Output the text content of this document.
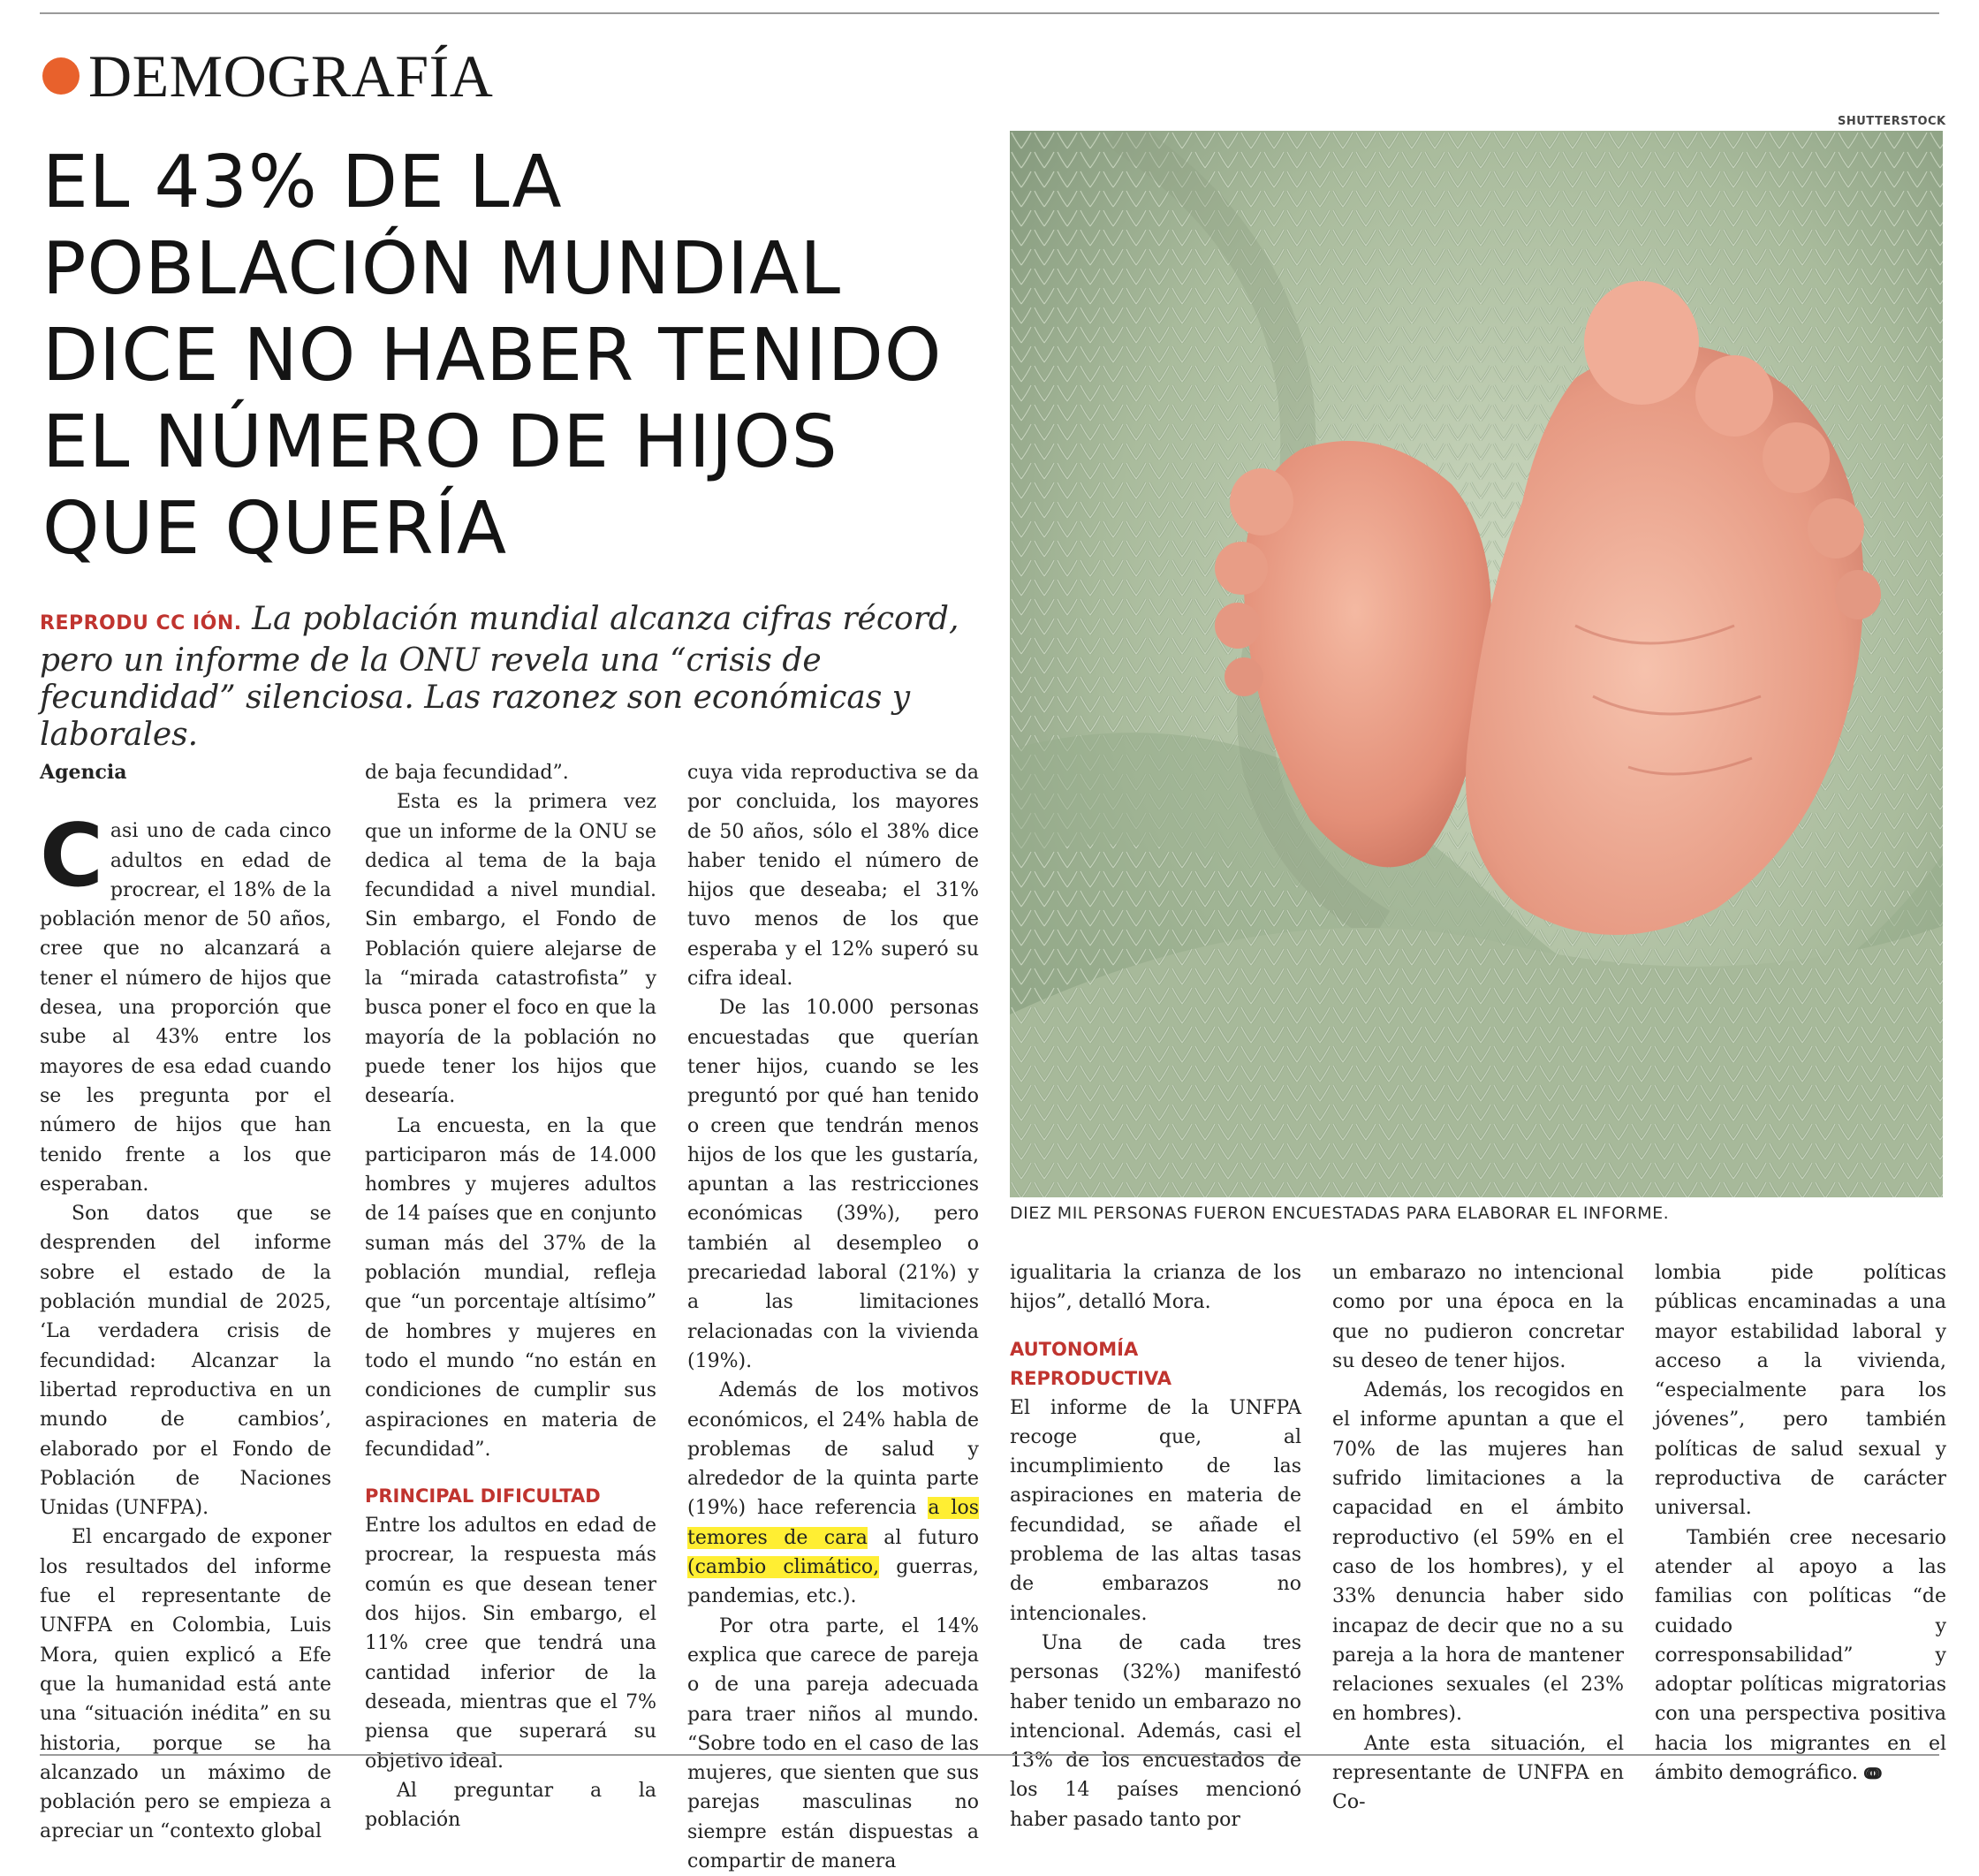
DEMOGRAFÍA
EL 43% DE LA
POBLACIÓN MUNDIAL
DICE NO HABER TENIDO
EL NÚMERO DE HIJOS
QUE QUERÍA

REPRODU CC IÓN. La población mundial alcanza cifras récord, pero un informe de la ONU revela una “crisis de fecundidad” silenciosa. Las razonez son económicas y laborales.

SHUTTERSTOCK
DIEZ MIL PERSONAS FUERON ENCUESTADAS PARA ELABORAR EL INFORME.

Agencia

Casi uno de cada cinco adultos en edad de procrear, el 18% de la población menor de 50 años, cree que no alcanzará a tener el número de hijos que desea, una proporción que sube al 43% entre los mayores de esa edad cuando se les pregunta por el número de hijos que han tenido frente a los que esperaban.

Son datos que se desprenden del informe sobre el estado de la población mundial de 2025, ‘La verdadera crisis de fecundidad: Alcanzar la libertad reproductiva en un mundo de cambios’, elaborado por el Fondo de Población de Naciones Unidas (UNFPA).

El encargado de exponer los resultados del informe fue el representante de UNFPA en Colombia, Luis Mora, quien explicó a Efe que la humanidad está ante una “situación inédita” en su historia, porque se ha alcanzado un máximo de población pero se empieza a apreciar un “contexto global

de baja fecundidad”.

Esta es la primera vez que un informe de la ONU se dedica al tema de la baja fecundidad a nivel mundial. Sin embargo, el Fondo de Población quiere alejarse de la “mirada catastrofista” y busca poner el foco en que la mayoría de la población no puede tener los hijos que desearía.

La encuesta, en la que participaron más de 14.000 hombres y mujeres adultos de 14 países que en conjunto suman más del 37% de la población mundial, refleja que “un porcentaje altísimo” de hombres y mujeres en todo el mundo “no están en condiciones de cumplir sus aspiraciones en materia de fecundidad”.

PRINCIPAL DIFICULTAD

Entre los adultos en edad de procrear, la respuesta más común es que desean tener dos hijos. Sin embargo, el 11% cree que tendrá una cantidad inferior de la deseada, mientras que el 7% piensa que superará su objetivo ideal.

Al preguntar a la población

cuya vida reproductiva se da por concluida, los mayores de 50 años, sólo el 38% dice haber tenido el número de hijos que deseaba; el 31% tuvo menos de los que esperaba y el 12% superó su cifra ideal.

De las 10.000 personas encuestadas que querían tener hijos, cuando se les preguntó por qué han tenido o creen que tendrán menos hijos de los que les gustaría, apuntan a las restricciones económicas (39%), pero también al desempleo o precariedad laboral (21%) y a las limitaciones relacionadas con la vivienda (19%).

Además de los motivos económicos, el 24% habla de problemas de salud y alrededor de la quinta parte (19%) hace referencia a los temores de cara al futuro (cambio climático, guerras, pandemias, etc.).

Por otra parte, el 14% explica que carece de pareja o de una pareja adecuada para traer niños al mundo. “Sobre todo en el caso de las mujeres, que sienten que sus parejas masculinas no siempre están dispuestas a compartir de manera

igualitaria la crianza de los hijos”, detalló Mora.

AUTONOMÍA REPRODUCTIVA

El informe de la UNFPA recoge que, al incumplimiento de las aspiraciones en materia de fecundidad, se añade el problema de las altas tasas de embarazos no intencionales.

Una de cada tres personas (32%) manifestó haber tenido un embarazo no intencional. Además, casi el 13% de los encuestados de los 14 países mencionó haber pasado tanto por

un embarazo no intencional como por una época en la que no pudieron concretar su deseo de tener hijos.

Además, los recogidos en el informe apuntan a que el 70% de las mujeres han sufrido limitaciones a la capacidad en el ámbito reproductivo (el 59% en el caso de los hombres), y el 33% denuncia haber sido incapaz de decir que no a su pareja a la hora de mantener relaciones sexuales (el 23% en hombres).

Ante esta situación, el representante de UNFPA en Co-

lombia pide políticas públicas encaminadas a una mayor estabilidad laboral y acceso a la vivienda, “especialmente para los jóvenes”, pero también políticas de salud sexual y reproductiva de carácter universal.

También cree necesario atender al apoyo a las familias con políticas “de cuidado y corresponsabilidad” y adoptar políticas migratorias con una perspectiva positiva hacia los migrantes en el ámbito demográfico. ↈ
